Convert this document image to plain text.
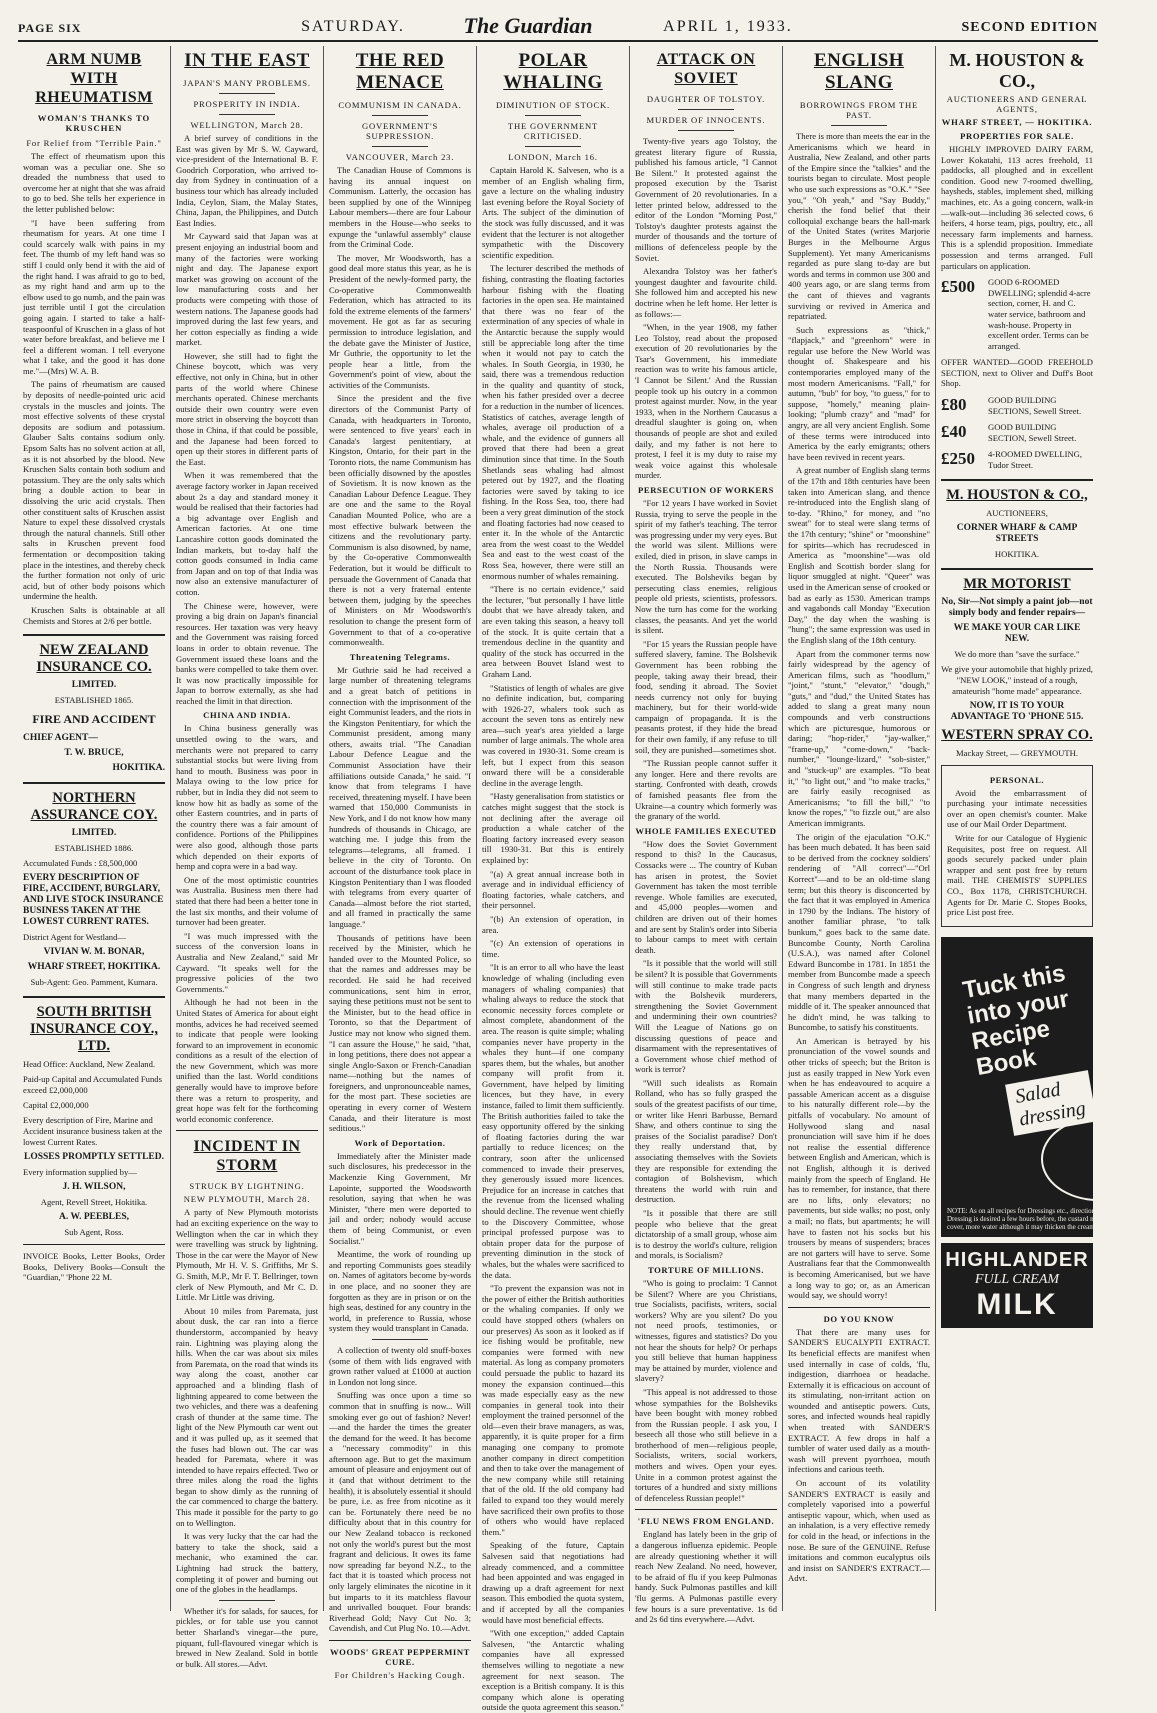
PAGE SIX	SATURDAY.	The Guardian	APRIL 1, 1933.	SECOND EDITION
ARM NUMB WITH RHEUMATISM
WOMAN'S THANKS TO KRUSCHEN
For Relief from "Terrible Pain."

The effect of rheumatism upon this woman was a peculiar one. She so dreaded the numbness that used to overcome her at night that she was afraid to go to bed. She tells her experience in the letter published below:

"I have been suffering from rheumatism for years. At one time I could scarcely walk with pains in my feet. The thumb of my left hand was so stiff I could only bend it with the aid of the right hand. I was afraid to go to bed, as my right hand and arm up to the elbow used to go numb, and the pain was just terrible until I got the circulation going again. I started to take a half-teaspoonful of Kruschen in a glass of hot water before breakfast, and believe me I feel a different woman. I tell everyone what I take, and the good it has done me."—(Mrs) W. A. B.

The pains of rheumatism are caused by deposits of needle-pointed uric acid crystals in the muscles and joints. The most effective solvents of these crystal deposits are sodium and potassium. Glauber Salts contains sodium only. Epsom Salts has no solvent action at all, as it is not absorbed by the blood. New Kruschen Salts contain both sodium and potassium. They are the only salts which bring a double action to bear in dissolving the uric acid crystals. Then other constituent salts of Kruschen assist Nature to expel these dissolved crystals through the natural channels. Still other salts in Kruschen prevent food fermentation or decomposition taking place in the intestines, and thereby check the further formation not only of uric acid, but of other body poisons which undermine the health.

Kruschen Salts is obtainable at all Chemists and Stores at 2/6 per bottle.

NEW ZEALAND INSURANCE CO.
LIMITED.
ESTABLISHED 1865.
FIRE AND ACCIDENT
CHIEF AGENT—
T. W. BRUCE,
HOKITIKA.
NORTHERN ASSURANCE COY.
LIMITED.
ESTABLISHED 1886.
Accumulated Funds : £8,500,000
EVERY DESCRIPTION OF FIRE, ACCIDENT, BURGLARY, AND LIVE STOCK INSURANCE BUSINESS TAKEN AT THE LOWEST CURRENT RATES.
District Agent for Westland—
VIVIAN W. M. BONAR,
WHARF STREET, HOKITIKA.
Sub-Agent: Geo. Pamment, Kumara.
SOUTH BRITISH INSURANCE COY., LTD.
Head Office: Auckland, New Zealand.
Paid-up Capital and Accumulated Funds exceed £2,000,000
Capital £2,000,000
Every description of Fire, Marine and Accident insurance business taken at the lowest Current Rates.
LOSSES PROMPTLY SETTLED.
Every information supplied by—
J. H. WILSON,
Agent, Revell Street, Hokitika.
A. W. PEEBLES,
Sub Agent, Ross.

INVOICE Books, Letter Books, Order Books, Delivery Books—Consult the "Guardian," 'Phone 22 M.

IN THE EAST
JAPAN'S MANY PROBLEMS.
PROSPERITY IN INDIA.
WELLINGTON, March 28.

A brief survey of conditions in the East was given by Mr S. W. Cayward, vice-president of the International B. F. Goodrich Corporation, who arrived to-day from Sydney in continuation of a business tour which has already included India, Ceylon, Siam, the Malay States, China, Japan, the Philippines, and Dutch East Indies.

Mr Cayward said that Japan was at present enjoying an industrial boom and many of the factories were working night and day. The Japanese export market was growing on account of the low manufacturing costs and her products were competing with those of western nations. The Japanese goods had improved during the last few years, and her cotton especially as finding a wide market.

However, she still had to fight the Chinese boycott, which was very effective, not only in China, but in other parts of the world where Chinese merchants operated. Chinese merchants outside their own country were even more strict in observing the boycott than those in China, if that could be possible, and the Japanese had been forced to open up their stores in different parts of the East.

When it was remembered that the average factory worker in Japan received about 2s a day and standard money it would be realised that their factories had a big advantage over English and American factories. At one time Lancashire cotton goods dominated the Indian markets, but to-day half the cotton goods consumed in India came from Japan and on top of that India was now also an extensive manufacturer of cotton.

The Chinese were, however, were proving a big drain on Japan's financial resources. Her taxation was very heavy and the Government was raising forced loans in order to obtain revenue. The Government issued these loans and the banks were compelled to take them over. It was now practically impossible for Japan to borrow externally, as she had reached the limit in that direction.

CHINA AND INDIA.

In China business generally was unsettled owing to the wars, and merchants were not prepared to carry substantial stocks but were living from hand to mouth. Business was poor in Malaya owing to the low price for rubber, but in India they did not seem to know how hit as badly as some of the other Eastern countries, and in parts of the country there was a fair amount of confidence. Portions of the Philippines were also good, although those parts which depended on their exports of hemp and copra were in a bad way.

One of the most optimistic countries was Australia. Business men there had stated that there had been a better tone in the last six months, and their volume of turnover had been greater.

"I was much impressed with the success of the conversion loans in Australia and New Zealand," said Mr Cayward. "It speaks well for the progressive policies of the two Governments."

Although he had not been in the United States of America for about eight months, advices he had received seemed to indicate that people were looking forward to an improvement in economic conditions as a result of the election of the new Government, which was more unified than the last. World conditions generally would have to improve before there was a return to prosperity, and great hope was felt for the forthcoming world economic conference.

INCIDENT IN STORM
STRUCK BY LIGHTNING.
NEW PLYMOUTH, March 28.

A party of New Plymouth motorists had an exciting experience on the way to Wellington when the car in which they were travelling was struck by lightning. Those in the car were the Mayor of New Plymouth, Mr H. V. S. Griffiths, Mr S. G. Smith, M.P., Mr F. T. Bellringer, town clerk of New Plymouth, and Mr C. D. Little. Mr Little was driving.

About 10 miles from Paremata, just about dusk, the car ran into a fierce thunderstorm, accompanied by heavy rain. Lightning was playing along the hills. When the car was about six miles from Paremata, on the road that winds its way along the coast, another car approached and a blinding flash of lightning appeared to come between the two vehicles, and there was a deafening crash of thunder at the same time. The light of the New Plymouth car went out and it was pulled up, as it seemed that the fuses had blown out. The car was headed for Paremata, where it was intended to have repairs effected. Two or three miles along the road the lights began to show dimly as the running of the car commenced to charge the battery. This made it possible for the party to go on to Wellington.

It was very lucky that the car had the battery to take the shock, said a mechanic, who examined the car. Lightning had struck the battery, completing it of power and burning out one of the globes in the headlamps.

Whether it's for salads, for sauces, for pickles, or for table use you cannot better Sharland's vinegar—the pure, piquant, full-flavoured vinegar which is brewed in New Zealand. Sold in bottle or bulk. All stores.—Advt.

THE RED MENACE
COMMUNISM IN CANADA.
GOVERNMENT'S SUPPRESSION.
VANCOUVER, March 23.

The Canadian House of Commons is having its annual inquest on Communism. Latterly, the occasion has been supplied by one of the Winnipeg Labour members—there are four Labour members in the House—who seeks to expunge the "unlawful assembly" clause from the Criminal Code.

The mover, Mr Woodsworth, has a good deal more status this year, as he is President of the newly-formed party, the Co-operative Commonwealth Federation, which has attracted to its fold the extreme elements of the farmers' movement. He got as far as securing permission to introduce legislation, and the debate gave the Minister of Justice, Mr Guthrie, the opportunity to let the people hear a little, from the Government's point of view, about the activities of the Communists.

Since the president and the five directors of the Communist Party of Canada, with headquarters in Toronto, were sentenced to five years' each in Canada's largest penitentiary, at Kingston, Ontario, for their part in the Toronto riots, the name Communism has been officially disowned by the apostles of Sovietism. It is now known as the Canadian Labour Defence League. They are one and the same to the Royal Canadian Mounted Police, who are a most effective bulwark between the citizens and the revolutionary party. Communism is also disowned, by name, by the Co-operative Commonwealth Federation, but it would be difficult to persuade the Government of Canada that there is not a very fraternal entente between them, judging by the speeches of Ministers on Mr Woodsworth's resolution to change the present form of Government to that of a co-operative commonwealth.

Threatening Telegrams.

Mr Guthrie said he had received a large number of threatening telegrams and a great batch of petitions in connection with the imprisonment of the eight Communist leaders, and the riots in the Kingston Penitentiary, for which the Communist president, among many others, awaits trial. "The Canadian Labour Defence League and the Communist Association have their affiliations outside Canada," he said. "I know that from telegrams I have received, threatening myself. I have been warned that 150,000 Communists in New York, and I do not know how many hundreds of thousands in Chicago, are watching me. I judge this from the telegrams—telegrams, all framed. I believe in the city of Toronto. On account of the disturbance took place in Kingston Penitentiary than I was flooded with telegrams from every quarter of Canada—almost before the riot started, and all framed in practically the same language."

Thousands of petitions have been received by the Minister, which he handed over to the Mounted Police, so that the names and addresses may be recorded. He said he had received communications, sent him in error, saying these petitions must not be sent to the Minister, but to the head office in Toronto, so that the Department of Justice may not know who signed them. "I can assure the House," he said, "that, in long petitions, there does not appear a single Anglo-Saxon or French-Canadian name—nothing but the names of foreigners, and unpronounceable names, for the most part. These societies are operating in every corner of Western Canada, and their literature is most seditious."

Work of Deportation.

Immediately after the Minister made such disclosures, his predecessor in the Mackenzie King Government, Mr Lapointe, supported the Woodsworth resolution, saying that when he was Minister, "there men were deported to jail and order; nobody would accuse them of being Communist, or even Socialist."

Meantime, the work of rounding up and reporting Communists goes steadily on. Names of agitators become by-words in one place, and no sooner they are forgotten as they are in prison or on the high seas, destined for any country in the world, in preference to Russia, whose system they would transplant in Canada.

A collection of twenty old snuff-boxes (some of them with lids engraved with grown rather valued at £1000 at auction in London not long since.

Snuffing was once upon a time so common that in snuffing is now... Will smoking ever go out of fashion? Never!—and the harder the times the greater the demand for the weed. It has become a "necessary commodity" in this afternoon age. But to get the maximum amount of pleasure and enjoyment out of it (and that without detriment to the health), it is absolutely essential it should be pure, i.e. as free from nicotine as it can be. Fortunately there need be no difficulty about that in this country for our New Zealand tobacco is reckoned not only the world's purest but the most fragrant and delicious. It owes its fame now spreading far beyond N.Z., to the fact that it is toasted which process not only largely eliminates the nicotine in it but imparts to it its matchless flavour and unrivalled bouquet. Four brands: Riverhead Gold; Navy Cut No. 3; Cavendish, and Cut Plug No. 10.—Advt.

WOODS' GREAT PEPPERMINT CURE.
For Children's Hacking Cough.
POLAR WHALING
DIMINUTION OF STOCK.
THE GOVERNMENT CRITICISED.
LONDON, March 16.

Captain Harold K. Salvesen, who is a member of an English whaling firm, gave a lecture on the whaling industry last evening before the Royal Society of Arts. The subject of the diminution of the stock was fully discussed, and it was evident that the lecturer is not altogether sympathetic with the Discovery scientific expedition.

The lecturer described the methods of fishing, contrasting the floating factories harbour fishing with the floating factories in the open sea. He maintained that there was no fear of the extermination of any species of whale in the Antarctic because the supply would still be appreciable long after the time when it would not pay to catch the whales. In South Georgia, in 1930, he said, there was a tremendous reduction in the quality and quantity of stock, when his father presided over a decree for a reduction in the number of licences. Statistics of catches, average length of whales, average oil production of a whale, and the evidence of gunners all proved that there had been a great diminution since that time. In the South Shetlands seas whaling had almost petered out by 1927, and the floating factories were saved by taking to ice fishing. In the Ross Sea, too, there had been a very great diminution of the stock and floating factories had now ceased to enter it. In the whole of the Antarctic area from the west coast to the Weddel Sea and east to the west coast of the Ross Sea, however, there were still an enormous number of whales remaining.

"There is no certain evidence," said the lecturer, "but personally I have little doubt that we have already taken, and are even taking this season, a heavy toll of the stock. It is quite certain that a tremendous decline in the quantity and quality of the stock has occurred in the area between Bouvet Island west to Graham Land.

"Statistics of length of whales are give no definite indication, but, comparing with 1926-27, whalers took such as account the seven tons as entirely new area—such year's area yielded a large number of large animals. The whole area was covered in 1930-31. Some cream is left, but I expect from this season onward there will be a considerable decline in the average length.

"Hasty generalisation from statistics or catches might suggest that the stock is not declining after the average oil production a whale catcher of the floating factory increased every season till 1930-31. But this is entirely explained by:

"(a) A great annual increase both in average and in individual efficiency of floating factories, whale catchers, and their personnel.

"(b) An extension of operation, in area.

"(c) An extension of operations in time.

"It is an error to all who have the least knowledge of whaling (including even managers of whaling companies) that whaling always to reduce the stock that economic necessity forces complete or almost complete, abandonment of the area. The reason is quite simple; whaling companies never have property in the whales they hunt—if one company spares them, but the whales, but another company will profit from it. Government, have helped by limiting licences, but they have, in every instance, failed to limit them sufficiently. The British authorities failed to take the easy opportunity offered by the sinking of floating factories during the war partially to reduce licences; on the contrary, soon after the unlicensed commenced to invade their preserves, they generously issued more licences. Prejudice for an increase in catches that the revenue from the licensed whaling should decline. The revenue went chiefly to the Discovery Committee, whose principal professed purpose was to obtain proper data for the purpose of preventing diminution in the stock of whales, but the whales were sacrificed to the data.

"To prevent the expansion was not in the power of either the British authorities or the whaling companies. If only we could have stopped others (whalers on our preserves) As soon as it looked as if ice fishing would be profitable, new companies were formed with new material. As long as company promoters could persuade the public to hazard its money the expansion continued—this was made especially easy as the new companies in general took into their employment the trained personnel of the old—even their brave managers, as was, apparently, it is quite proper for a firm managing one company to promote another company in direct competition and then to take over the management of the new company while still retaining that of the old. If the old company had failed to expand too they would merely have sacrificed their own profits to those of others who would have replaced them."

Speaking of the future, Captain Salvesen said that negotiations had already commenced, and a committee had been appointed and was engaged in drawing up a draft agreement for next season. This embodied the quota system, and if accepted by all the companies would have most beneficial effects.

"With one exception," added Captain Salvesen, "the Antarctic whaling companies have all expressed themselves willing to negotiate a new agreement for next season. The exception is a British company. It is this company which alone is operating outside the quota agreement this season."

ATTACK ON SOVIET
DAUGHTER OF TOLSTOY.
MURDER OF INNOCENTS.

Twenty-five years ago Tolstoy, the greatest literary figure of Russia, published his famous article, "I Cannot Be Silent." It protested against the proposed execution by the Tsarist Government of 20 revolutionaries. In a letter printed below, addressed to the editor of the London "Morning Post," Tolstoy's daughter protests against the murder of thousands and the torture of millions of defenceless people by the Soviet.

Alexandra Tolstoy was her father's youngest daughter and favourite child. She followed him and accepted his new doctrine when he left home. Her letter is as follows:—

"When, in the year 1908, my father Leo Tolstoy, read about the proposed execution of 20 revolutionaries by the Tsar's Government, his immediate reaction was to write his famous article, 'I Cannot be Silent.' And the Russian people took up his outcry in a common protest against murder. Now, in the year 1933, when in the Northern Caucasus a dreadful slaughter is going on, when thousands of people are shot and exiled daily, and my father is not here to protest, I feel it is my duty to raise my weak voice against this wholesale murder.

PERSECUTION OF WORKERS

"For 12 years I have worked in Soviet Russia, trying to serve the people in the spirit of my father's teaching. The terror was progressing under my very eyes. But the world was silent. Millions were exiled, died in prison, in slave camps in the North Russia. Thousands were executed. The Bolsheviks began by persecuting class enemies, religious people old priests, scientists, professors. Now the turn has come for the working classes, the peasants. And yet the world is silent.

"For 15 years the Russian people have suffered slavery, famine. The Bolshevik Government has been robbing the people, taking away their bread, their food, sending it abroad. The Soviet needs currency not only for buying machinery, but for their world-wide campaign of propaganda. It is the peasants protest, if they hide the bread for their own family, if any refuse to till soil, they are punished—sometimes shot.

"The Russian people cannot suffer it any longer. Here and there revolts are starting. Confronted with death, crowds of famished peasants flee from the Ukraine—a country which formerly was the granary of the world.

WHOLE FAMILIES EXECUTED

"How does the Soviet Government respond to this? In the Caucasus, Cossacks were ... The country of Kuban has arisen in protest, the Soviet Government has taken the most terrible revenge. Whole families are executed, and 45,000 peoples—women and children are driven out of their homes and are sent by Stalin's order into Siberia to labour camps to meet with certain death.

"Is it possible that the world will still be silent? It is possible that Governments will still continue to make trade pacts with the Bolshevik murderers, strengthening the Soviet Government and undermining their own countries? Will the League of Nations go on discussing questions of peace and disarmament with the representatives of a Government whose chief method of work is terror?

"Will such idealists as Romain Rolland, who has so fully grasped the souls of the greatest pacifists of our time, or writer like Henri Barbusse, Bernard Shaw, and others continue to sing the praises of the Socialist paradise? Don't they really understand that, by associating themselves with the Soviets they are responsible for extending the contagion of Bolshevism, which threatens the world with ruin and destruction.

"Is it possible that there are still people who believe that the great dictatorship of a small group, whose aim is to destroy the world's culture, religion and morals, is Socialism?

TORTURE OF MILLIONS.

"Who is going to proclaim: 'I Cannot be Silent'? Where are you Christians, true Socialists, pacifists, writers, social workers? Why are you silent? Do you not need proofs, testimonies, or witnesses, figures and statistics? Do you not hear the shouts for help? Or perhaps you still believe that human happiness may be attained by murder, violence and slavery?

"This appeal is not addressed to those whose sympathies for the Bolsheviks have been bought with money robbed from the Russian people. I ask you, I beseech all those who still believe in a brotherhood of men—religious people, Socialists, writers, social workers, mothers and wives. Open your eyes. Unite in a common protest against the tortures of a hundred and sixty millions of defenceless Russian people!"

'FLU NEWS FROM ENGLAND.

England has lately been in the grip of a dangerous influenza epidemic. People are already questioning whether it will reach New Zealand. No need, however, to be afraid of flu if you keep Pulmonas handy. Suck Pulmonas pastilles and kill 'flu germs. A Pulmonas pastille every few hours is a sure preventative. 1s 6d and 2s 6d tins everywhere.—Advt.

ENGLISH SLANG
BORROWINGS FROM THE PAST.

There is more than meets the ear in the Americanisms which we heard in Australia, New Zealand, and other parts of the Empire since the "talkies" and the tourists began to circulate. Most people who use such expressions as "O.K." "See you," "Oh yeah," and "Say Buddy," cherish the fond belief that their colloquial exchange bears the hall-mark of the United States (writes Marjorie Burges in the Melbourne Argus Supplement). Yet many Americanisms regarded as pure slang to-day are but words and terms in common use 300 and 400 years ago, or are slang terms from the cant of thieves and vagrants surviving or revived in America and repatriated.

Such expressions as "thick," "flapjack," and "greenhorn" were in regular use before the New World was thought of. Shakespeare and his contemporaries employed many of the most modern Americanisms. "Fall," for autumn, "bub" for boy, "to guess," for to suppose, "homely," meaning plain-looking; "plumb crazy" and "mad" for angry, are all very ancient English. Some of these terms were introduced into America by the early emigrants; others have been revived in recent years.

A great number of English slang terms of the 17th and 18th centuries have been taken into American slang, and thence re-introduced into the English slang of to-day. "Rhino," for money, and "no sweat" for to steal were slang terms of the 17th century; "shine" or "moonshine" for spirits—which has recrudesced in America as "moonshine"—was old English and Scottish border slang for liquor smuggled at night. "Queer" was used in the American sense of crooked or bad as early as 1530. American tramps and vagabonds call Monday "Execution Day," the day when the washing is "hung"; the same expression was used in the English slang of the 18th century.

Apart from the commoner terms now fairly widespread by the agency of American films, such as "hoodlum," "joint," "stunt," "elevator," "dough," "guts," and "dud," the United States has added to slang a great many noun compounds and verb constructions which are picturesque, humorous or daring; "hop-rider," "jay-walker," "frame-up," "come-down," "back-number," "lounge-lizard," "sob-sister," and "stuck-up" are examples. "To beat it," "to light out," and "to make tracks," are fairly easily recognised as Americanisms; "to fill the bill," "to know the ropes," "to fizzle out," are also American immigrants.

The origin of the ejaculation "O.K." has been much debated. It has been said to be derived from the cockney soldiers' rendering of "All correct"—"Orl Korrect"—and to be an old-time slang term; but this theory is disconcerted by the fact that it was employed in America in 1790 by the Indians. The history of another familiar phrase, "to talk bunkum," goes back to the same date. Buncombe County, North Carolina (U.S.A.), was named after Colonel Edward Buncombe in 1781. In 1851 the member from Buncombe made a speech in Congress of such length and dryness that many members departed in the middle of it. The speaker announced that he didn't mind, he was talking to Buncombe, to satisfy his constituents.

An American is betrayed by his pronunciation of the vowel sounds and other tricks of speech; but the Briton is just as easily trapped in New York even when he has endeavoured to acquire a passable American accent as a disguise to his naturally different role—by the pitfalls of vocabulary. No amount of Hollywood slang and nasal pronunciation will save him if he does not realise the essential difference between English and American, which is not English, although it is derived mainly from the speech of England. He has to remember, for instance, that there are no lifts, only elevators; no pavements, but side walks; no post, only a mail; no flats, but apartments; he will have to fasten not his socks but his trousers by means of suspenders; braces are not garters will have to serve. Some Australians fear that the Commonwealth is becoming Americanised, but we have a long way to go; or, as an American would say, we should worry!

DO YOU KNOW

That there are many uses for SANDER'S EUCALYPTI EXTRACT. Its beneficial effects are manifest when used internally in case of colds, 'flu, indigestion, diarrhoea or headache. Externally it is efficacious on account of its stimulating, non-irritant action on wounded and antiseptic powers. Cuts, sores, and infected wounds heal rapidly when treated with SANDER'S EXTRACT. A few drops in half a tumbler of water used daily as a mouth-wash will prevent pyorrhoea, mouth infections and carious teeth.

On account of its volatility SANDER'S EXTRACT is easily and completely vaporised into a powerful antiseptic vapour, which, when used as an inhalation, is a very effective remedy for cold in the head, or infections in the nose. Be sure of the GENUINE. Refuse imitations and common eucalyptus oils and insist on SANDER'S EXTRACT.—Advt.

M. HOUSTON & CO.,
AUCTIONEERS AND GENERAL AGENTS,
WHARF STREET, — HOKITIKA.
PROPERTIES FOR SALE.

HIGHLY IMPROVED DAIRY FARM, Lower Kokatahi, 113 acres freehold, 11 paddocks, all ploughed and in excellent condition. Good new 7-roomed dwelling, haysheds, stables, implement shed, milking machines, etc. As a going concern, walk-in—walk-out—including 36 selected cows, 6 heifers, 4 horse team, pigs, poultry, etc., all necessary farm implements and harness. This is a splendid proposition. Immediate possession and terms arranged. Full particulars on application.

£500	GOOD 6-ROOMED DWELLING; splendid 4-acre section, corner, H. and C. water service, bathroom and wash-house. Property in excellent order. Terms can be arranged.

OFFER WANTED—GOOD FREEHOLD SECTION, next to Oliver and Duff's Boot Shop.

£80	GOOD BUILDING SECTIONS, Sewell Street.
£40	GOOD BUILDING SECTION, Sewell Street.
£250	4-ROOMED DWELLING, Tudor Street.
M. HOUSTON & CO.,
AUCTIONEERS,
CORNER WHARF & CAMP STREETS
HOKITIKA.
MR MOTORIST
No, Sir—Not simply a paint job—not simply body and fender repairs—
WE MAKE YOUR CAR LIKE NEW.
We do more than "save the surface."
We give your automobile that highly prized, "NEW LOOK," instead of a rough, amateurish "home made" appearance.
NOW, IT IS TO YOUR ADVANTAGE TO 'PHONE 515.
WESTERN SPRAY CO.
Mackay Street, — GREYMOUTH.
PERSONAL.

Avoid the embarrassment of purchasing your intimate necessities over an open chemist's counter. Make use of our Mail Order Department.

Write for our Catalogue of Hygienic Requisites, post free on request. All goods securely packed under plain wrapper and sent post free by return mail. THE CHEMISTS' SUPPLIES CO., Box 1178, CHRISTCHURCH. Agents for Dr. Marie C. Stopes Books, price List post free.

Tuck this into your Recipe Book
Salad dressing
NOTE: As on all recipes for Dressings etc., directions must be used. If the Dressing is desired a few hours before, the custard must be used; if we cover, more water although it may thicken the cream.
HIGHLANDER
FULL CREAM
MILK
